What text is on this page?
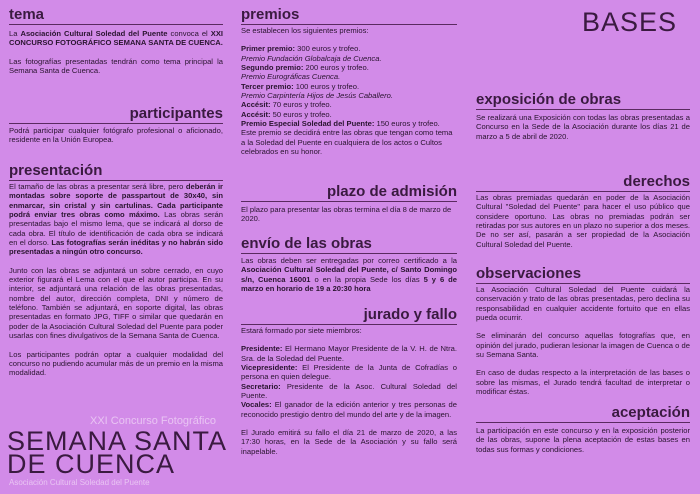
tema
La Asociación Cultural Soledad del Puente convoca el XXI CONCURSO FOTOGRÁFICO SEMANA SANTA DE CUENCA.
Las fotografías presentadas tendrán como tema principal la Semana Santa de Cuenca.
participantes
Podrá participar cualquier fotógrafo profesional o aficionado, residente en la Unión Europea.
presentación
El tamaño de las obras a presentar será libre, pero deberán ir montadas sobre soporte de passpartout de 30x40, sin enmarcar, sin cristal y sin cartulinas. Cada participante podrá enviar tres obras como máximo. Las obras serán presentadas bajo el mismo lema, que se indicará al dorso de cada obra. El título de identificación de cada obra se indicará en el dorso. Las fotografías serán inéditas y no habrán sido presentadas a ningún otro concurso.
Junto con las obras se adjuntará un sobre cerrado, en cuyo exterior figurará el Lema con el que el autor participa. En su interior, se adjuntará una relación de las obras presentadas, nombre del autor, dirección completa, DNI y número de teléfono. También se adjuntará, en soporte digital, las obras presentadas en formato JPG, TIFF o similar que quedarán en poder de la Asociación Cultural Soledad del Puente para poder usarlas con fines divulgativos de la Semana Santa de Cuenca.
Los participantes podrán optar a cualquier modalidad del concurso no pudiendo acumular más de un premio en la misma modalidad.
XXI Concurso Fotográfico
SEMANA SANTA
DE CUENCA
Asociación Cultural Soledad del Puente
premios
Se establecen los siguientes premios:
Primer premio: 300 euros y trofeo.
Premio Fundación Globalcaja de Cuenca.
Segundo premio: 200 euros y trofeo.
Premio Eurográficas Cuenca.
Tercer premio: 100 euros y trofeo.
Premio Carpintería Hijos de Jesús Caballero.
Accésit: 70 euros y trofeo.
Accésit: 50 euros y trofeo.
Premio Especial Soledad del Puente: 150 euros y trofeo.
Este premio se decidirá entre las obras que tengan como tema a la Soledad del Puente en cualquiera de los actos o Cultos celebrados en su honor.
plazo de admisión
El plazo para presentar las obras termina el día 8 de marzo de 2020.
envío de las obras
Las obras deben ser entregadas por correo certificado a la Asociación Cultural Soledad del Puente, c/ Santo Domingo s/n, Cuenca 16001 o en la propia Sede los días 5 y 6 de marzo en horario de 19 a 20:30 hora
jurado y fallo
Estará formado por siete miembros:
Presidente: El Hermano Mayor Presidente de la V. H. de Ntra. Sra. de la Soledad del Puente.
Vicepresidente: El Presidente de la Junta de Cofradías o persona en quien delegue.
Secretario: Presidente de la Asoc. Cultural Soledad del Puente.
Vocales: El ganador de la edición anterior y tres personas de reconocido prestigio dentro del mundo del arte y de la imagen.
El Jurado emitirá su fallo el día 21 de marzo de 2020, a las 17:30 horas, en la Sede de la Asociación y su fallo será inapelable.
BASES
exposición de obras
Se realizará una Exposición con todas las obras presentadas a Concurso en la Sede de la Asociación durante los días 21 de marzo a 5 de abril de 2020.
derechos
Las obras premiadas quedarán en poder de la Asociación Cultural "Soledad del Puente" para hacer el uso público que considere oportuno. Las obras no premiadas podrán ser retiradas por sus autores en un plazo no superior a dos meses. De no ser así, pasarán a ser propiedad de la Asociación Cultural Soledad del Puente.
observaciones
La Asociación Cultural Soledad del Puente cuidará la conservación y trato de las obras presentadas, pero declina su responsabilidad en cualquier accidente fortuito que en ellas pueda ocurrir.
Se eliminarán del concurso aquellas fotografías que, en opinión del jurado, pudieran lesionar la imagen de Cuenca o de su Semana Santa.
En caso de dudas respecto a la interpretación de las bases o sobre las mismas, el Jurado tendrá facultad de interpretar o modificar éstas.
aceptación
La participación en este concurso y en la exposición posterior de las obras, supone la plena aceptación de estas bases en todas sus formas y condiciones.
